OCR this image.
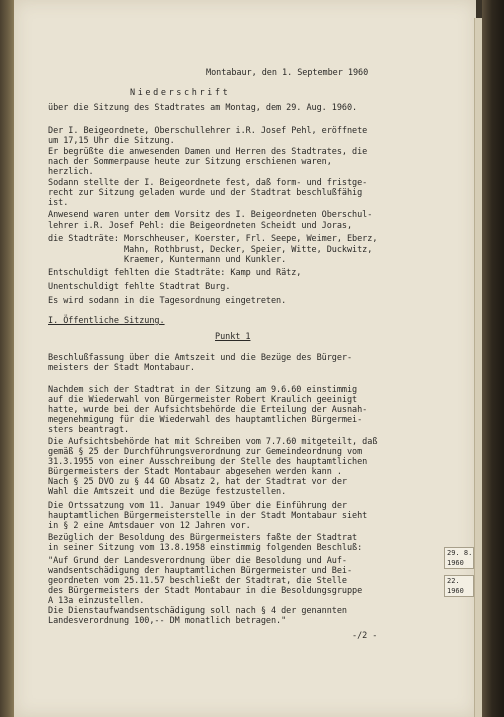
Montabaur, den 1. September 1960
Niederschrift
über die Sitzung des Stadtrates am Montag, dem 29. Aug. 1960.
Der I. Beigeordnete, Oberschullehrer i.R. Josef Pehl, eröffnete
um 17,15 Uhr die Sitzung.
Er begrüßte die anwesenden Damen und Herren des Stadtrates, die
nach der Sommerpause heute zur Sitzung erschienen waren,
herzlich.
Sodann stellte der I. Beigeordnete fest, daß form- und fristge-
recht zur Sitzung geladen wurde und der Stadtrat beschlußfähig
ist.
Anwesend waren unter dem Vorsitz des I. Beigeordneten Oberschul-
lehrer i.R. Josef Pehl: die Beigeordneten Scheidt und Joras,
die Stadträte: Morschheuser, Koerster, Frl. Seepe, Weimer, Eberz,
Mahn, Rothbrust, Decker, Speier, Witte, Duckwitz,
Kraemer, Kuntermann und Kunkler.
Entschuldigt fehlten die Stadträte: Kamp und Rätz,
Unentschuldigt fehlte Stadtrat Burg.
Es wird sodann in die Tagesordnung eingetreten.
I. Öffentliche Sitzung.
Punkt 1
Beschlußfassung über die Amtszeit und die Bezüge des Bürger-
meisters der Stadt Montabaur.
Nachdem sich der Stadtrat in der Sitzung am 9.6.60 einstimmig
auf die Wiederwahl von Bürgermeister Robert Kraulich geeinigt
hatte, wurde bei der Aufsichtsbehörde die Erteilung der Ausnah-
megenehmigung für die Wiederwahl des hauptamtlichen Bürgermei-
sters beantragt.
Die Aufsichtsbehörde hat mit Schreiben vom 7.7.60 mitgeteilt, daß
gemäß § 25 der Durchführungsverordnung zur Gemeindeordnung vom
31.3.1955 von einer Ausschreibung der Stelle des hauptamtlichen
Bürgermeisters der Stadt Montabaur abgesehen werden kann .
Nach § 25 DVO zu § 44 GO Absatz 2, hat der Stadtrat vor der
Wahl die Amtszeit und die Bezüge festzustellen.
Die Ortssatzung vom 11. Januar 1949 über die Einführung der
hauptamtlichen Bürgermeisterstelle in der Stadt Montabaur sieht
in § 2 eine Amtsdauer von 12 Jahren vor.
Bezüglich der Besoldung des Bürgermeisters faßte der Stadtrat
in seiner Sitzung vom 13.8.1958 einstimmig folgenden Beschluß:
"Auf Grund der Landesverordnung über die Besoldung und Auf-
wandsentschädigung der hauptamtlichen Bürgermeister und Bei-
geordneten vom 25.11.57 beschließt der Stadtrat, die Stelle
des Bürgermeisters der Stadt Montabaur in die Besoldungsgruppe
A 13a einzustellen.
Die Dienstaufwandsentschädigung soll nach § 4 der genannten
Landesverordnung 100,-- DM monatlich betragen."
-/2 -
29. 8.
1960
22.
1960
